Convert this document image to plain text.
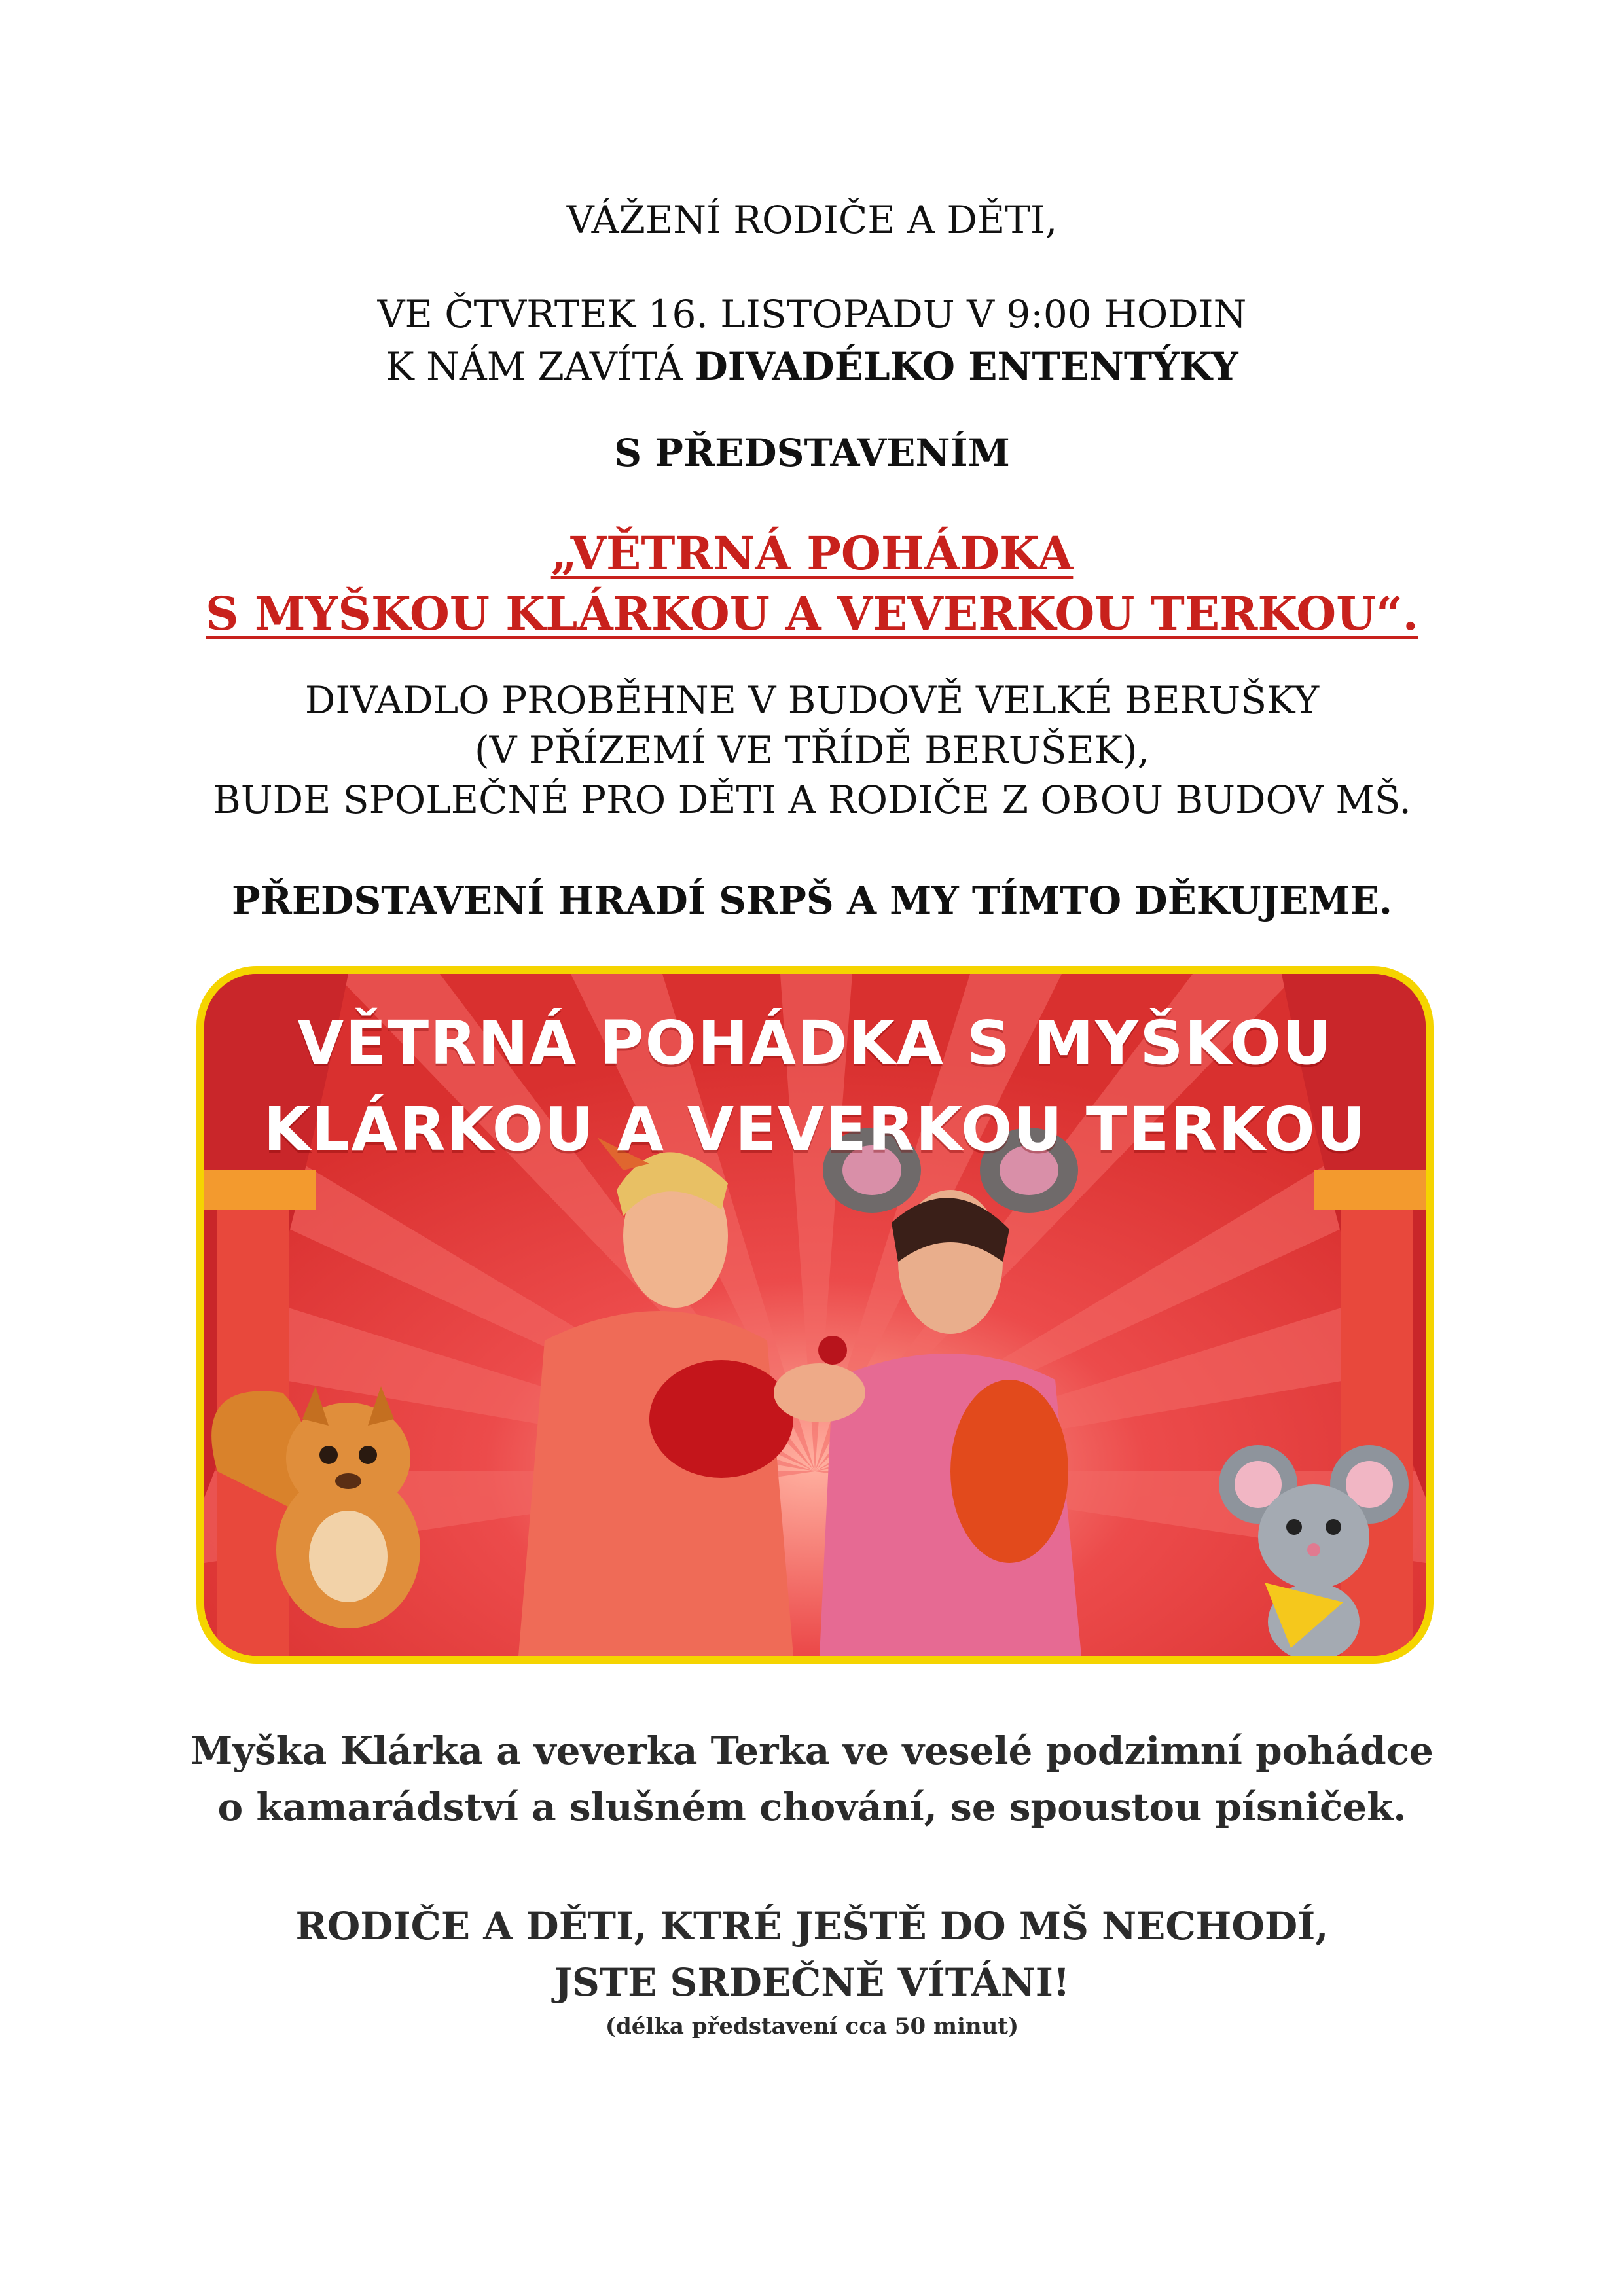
VÁŽENÍ RODIČE A DĚTI,
VE ČTVRTEK 16. LISTOPADU V 9:00 HODIN
K NÁM ZAVÍTÁ DIVADÉLKO ENTENTÝKY
S PŘEDSTAVENÍM
„VĚTRNÁ POHÁDKA
S MYŠKOU KLÁRKOU A VEVERKOU TERKOU“.
DIVADLO PROBĚHNE V BUDOVĚ VELKÉ BERUŠKY
(V PŘÍZEMÍ VE TŘÍDĚ BERUŠEK),
BUDE SPOLEČNÉ PRO DĚTI A RODIČE Z OBOU BUDOV MŠ.
PŘEDSTAVENÍ HRADÍ SRPŠ A MY TÍMTO DĚKUJEME.
VĚTRNÁ POHÁDKA S MYŠKOU
KLÁRKOU A VEVERKOU TERKOU
Myška Klárka a veverka Terka ve veselé podzimní pohádce
o kamarádství a slušném chování, se spoustou písniček.
RODIČE A DĚTI, KTRÉ JEŠTĚ DO MŠ NECHODÍ,
JSTE SRDEČNĚ VÍTÁNI!
(délka představení cca 50 minut)
